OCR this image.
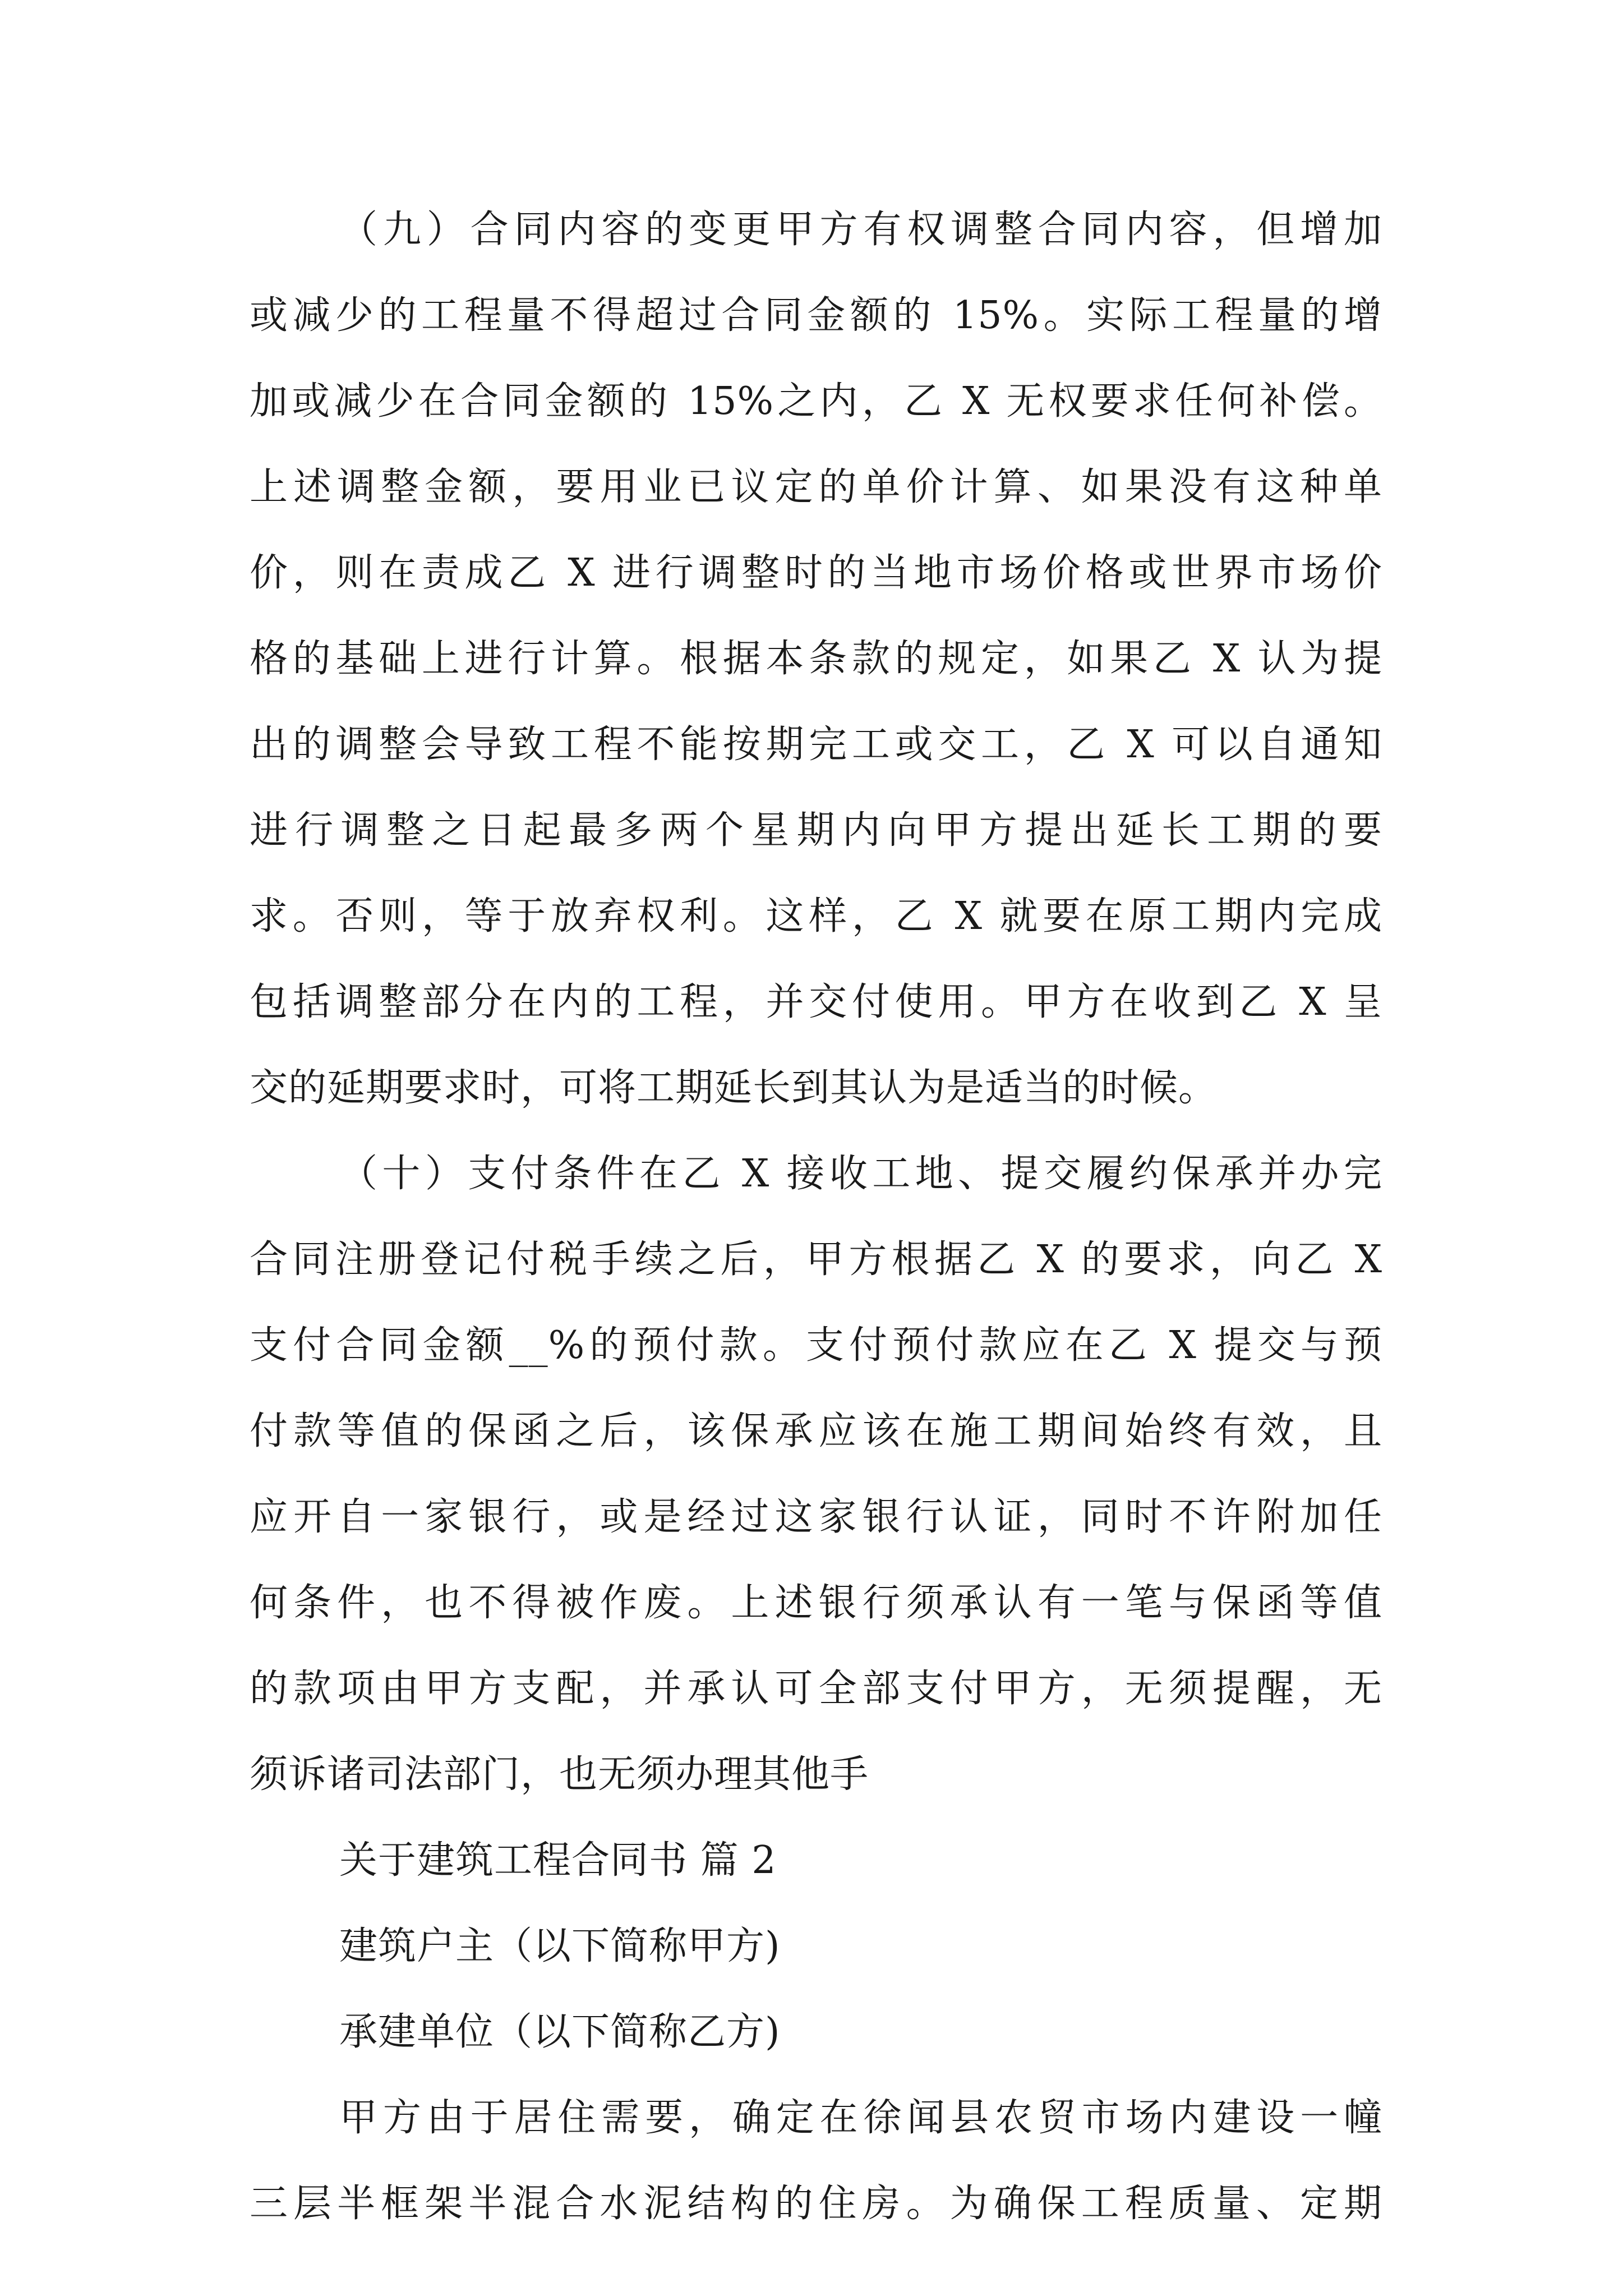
（九）合同内容的变更甲方有权调整合同内容，但增加
或减少的工程量不得超过合同金额的 15%。实际工程量的增
加或减少在合同金额的 15%之内，乙 X 无权要求任何补偿。
上述调整金额，要用业已议定的单价计算、如果没有这种单
价，则在责成乙 X 进行调整时的当地市场价格或世界市场价
格的基础上进行计算。根据本条款的规定，如果乙 X 认为提
出的调整会导致工程不能按期完工或交工，乙 X 可以自通知
进行调整之日起最多两个星期内向甲方提出延长工期的要
求。否则，等于放弃权利。这样，乙 X 就要在原工期内完成
包括调整部分在内的工程，并交付使用。甲方在收到乙 X 呈
交的延期要求时，可将工期延长到其认为是适当的时候。
（十）支付条件在乙 X 接收工地、提交履约保承并办完
合同注册登记付税手续之后，甲方根据乙 X 的要求，向乙 X
支付合同金额__%的预付款。支付预付款应在乙 X 提交与预
付款等值的保函之后，该保承应该在施工期间始终有效，且
应开自一家银行，或是经过这家银行认证，同时不许附加任
何条件，也不得被作废。上述银行须承认有一笔与保函等值
的款项由甲方支配，并承认可全部支付甲方，无须提醒，无
须诉诸司法部门，也无须办理其他手
关于建筑工程合同书 篇 2
建筑户主（以下简称甲方)
承建单位（以下简称乙方)
甲方由于居住需要，确定在徐闻县农贸市场内建设一幢
三层半框架半混合水泥结构的住房。为确保工程质量、定期
